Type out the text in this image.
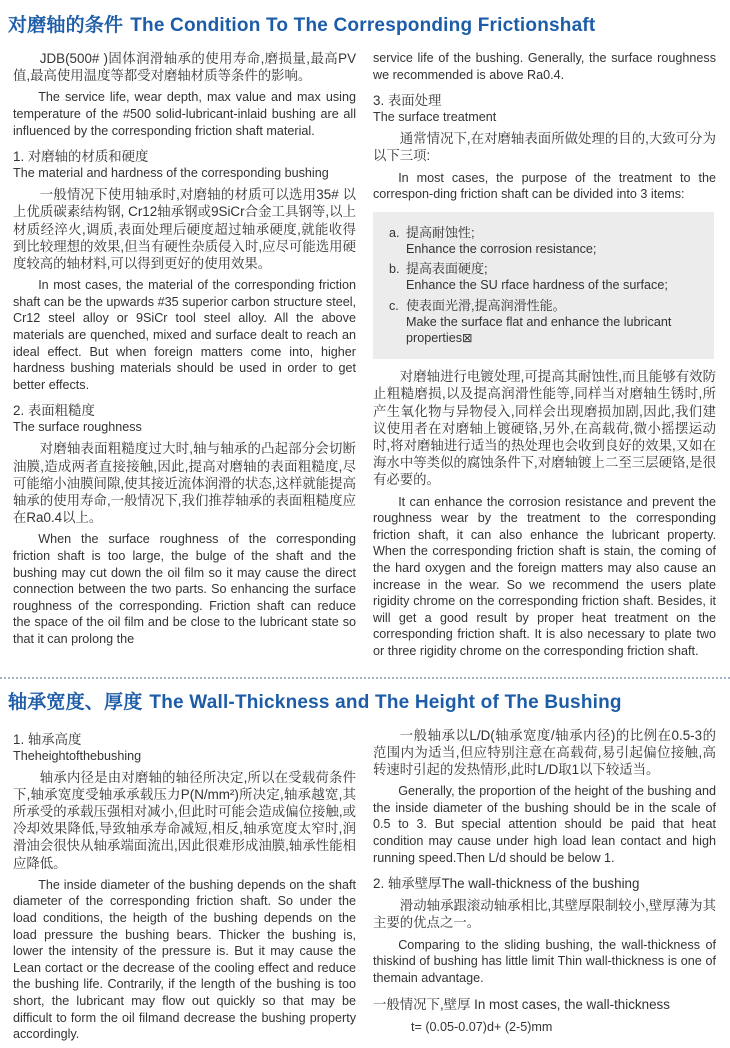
对磨轴的条件 The Condition To The Corresponding Frictionshaft

JDB(500# )固体润滑轴承的使用寿命,磨损量,最高PV值,最高使用温度等都受对磨轴材质等条件的影响。

The service life, wear depth, max value and max using temperature of the #500 solid-lubricant-inlaid bushing are all influenced by the corresponding friction shaft material.

1. 对磨轴的材质和硬度
The material and hardness of the corresponding bushing

一般情况下使用轴承时,对磨轴的材质可以选用35# 以上优质碳素结构钢, Cr12轴承钢或9SiCr合金工具钢等,以上材质经淬火,调质,表面处理后硬度超过轴承硬度,就能收得到比较理想的效果,但当有硬性杂质侵入时,应尽可能选用硬度较高的轴材料,可以得到更好的使用效果。

In most cases, the material of the corresponding friction shaft can be the upwards #35 superior carbon structure steel, Cr12 steel alloy or 9SiCr tool steel alloy. All the above materials are quenched, mixed and surface dealt to reach an ideal effect. But when foreign matters come into, higher hardness bushing materials should be used in order to get better effects.

2. 表面粗糙度
The surface roughness

对磨轴表面粗糙度过大时,轴与轴承的凸起部分会切断油膜,造成两者直接接触,因此,提高对磨轴的表面粗糙度,尽可能缩小油膜间隙,使其接近流体润滑的状态,这样就能提高轴承的使用寿命,一般情况下,我们推荐轴承的表面粗糙度应在Ra0.4以上。

When the surface roughness of the corresponding friction shaft is too large, the bulge of the shaft and the bushing may cut down the oil film so it may cause the direct connection between the two parts. So enhancing the surface roughness of the corresponding. Friction shaft can reduce the space of the oil film and be close to the lubricant state so that it can prolong the

service life of the bushing. Generally, the surface roughness we recommended is above Ra0.4.

3. 表面处理
The surface treatment

通常情况下,在对磨轴表面所做处理的目的,大致可分为以下三项:

In most cases, the purpose of the treatment to the correspon-ding friction shaft can be divided into 3 items:

a. 提高耐蚀性;
Enhance the corrosion resistance;
b. 提高表面硬度;
Enhance the SU rface hardness of the surface;
c. 使表面光滑,提高润滑性能。
Make the surface flat and enhance the lubricant properties⊠

对磨轴进行电镀处理,可提高其耐蚀性,而且能够有效防止粗糙磨损,以及提高润滑性能等,同样当对磨轴生锈时,所产生氧化物与异物侵入,同样会出现磨损加剧,因此,我们建议使用者在对磨轴上镀硬铬,另外,在高载荷,微小摇摆运动时,将对磨轴进行适当的热处理也会收到良好的效果,又如在海水中等类似的腐蚀条件下,对磨轴镀上二至三层硬铬,是很有必要的。

It can enhance the corrosion resistance and prevent the roughness wear by the treatment to the corresponding friction shaft, it can also enhance the lubricant property. When the corresponding friction shaft is stain, the coming of the hard oxygen and the foreign matters may also cause an increase in the wear. So we recommend the users plate rigidity chrome on the corresponding friction shaft. Besides, it will get a good result by proper heat treatment on the corresponding friction shaft. It is also necessary to plate two or three rigidity chrome on the corresponding friction shaft.

轴承宽度、厚度 The Wall-Thickness and The Height of The Bushing
1. 轴承高度
Theheightofthebushing

轴承内径是由对磨轴的轴径所决定,所以在受载荷条件下,轴承宽度受轴承承载压力P(N/mm²)所决定,轴承越宽,其所承受的承载压强相对减小,但此时可能会造成偏位接触,或冷却效果降低,导致轴承寿命减短,相反,轴承宽度太窄时,润滑油会很快从轴承端面流出,因此很难形成油膜,轴承性能相应降低。

The inside diameter of the bushing depends on the shaft diameter of the corresponding friction shaft. So under the load conditions, the heigth of the bushing depends on the load pressure the bushing bears. Thicker the bushing is, lower the intensity of the pressure is. But it may cause the Lean cortact or the decrease of the cooling effect and reduce the bushing life. Contrarily, if the length of the bushing is too short, the lubricant may flow out quickly so that may be difficult to form the oil filmand decrease the bushing property accordingly.

一般轴承以L/D(轴承宽度/轴承内径)的比例在0.5-3的范围内为适当,但应特别注意在高载荷,易引起偏位接触,高转速时引起的发热情形,此时L/D取1以下较适当。

Generally, the proportion of the height of the bushing and the inside diameter of the bushing should be in the scale of 0.5 to 3. But special attention should be paid that heat condition may cause under high load lean contact and high running speed.Then L/d should be below 1.

2. 轴承壁厚The wall-thickness of the bushing

滑动轴承跟滚动轴承相比,其壁厚限制较小,壁厚薄为其主要的优点之一。

Comparing to the sliding bushing, the wall-thickness of thiskind of bushing has little limit Thin wall-thickness is one of themain advantage.

一般情况下,壁厚 In most cases, the wall-thickness

t= (0.05-0.07)d+ (2-5)mm
